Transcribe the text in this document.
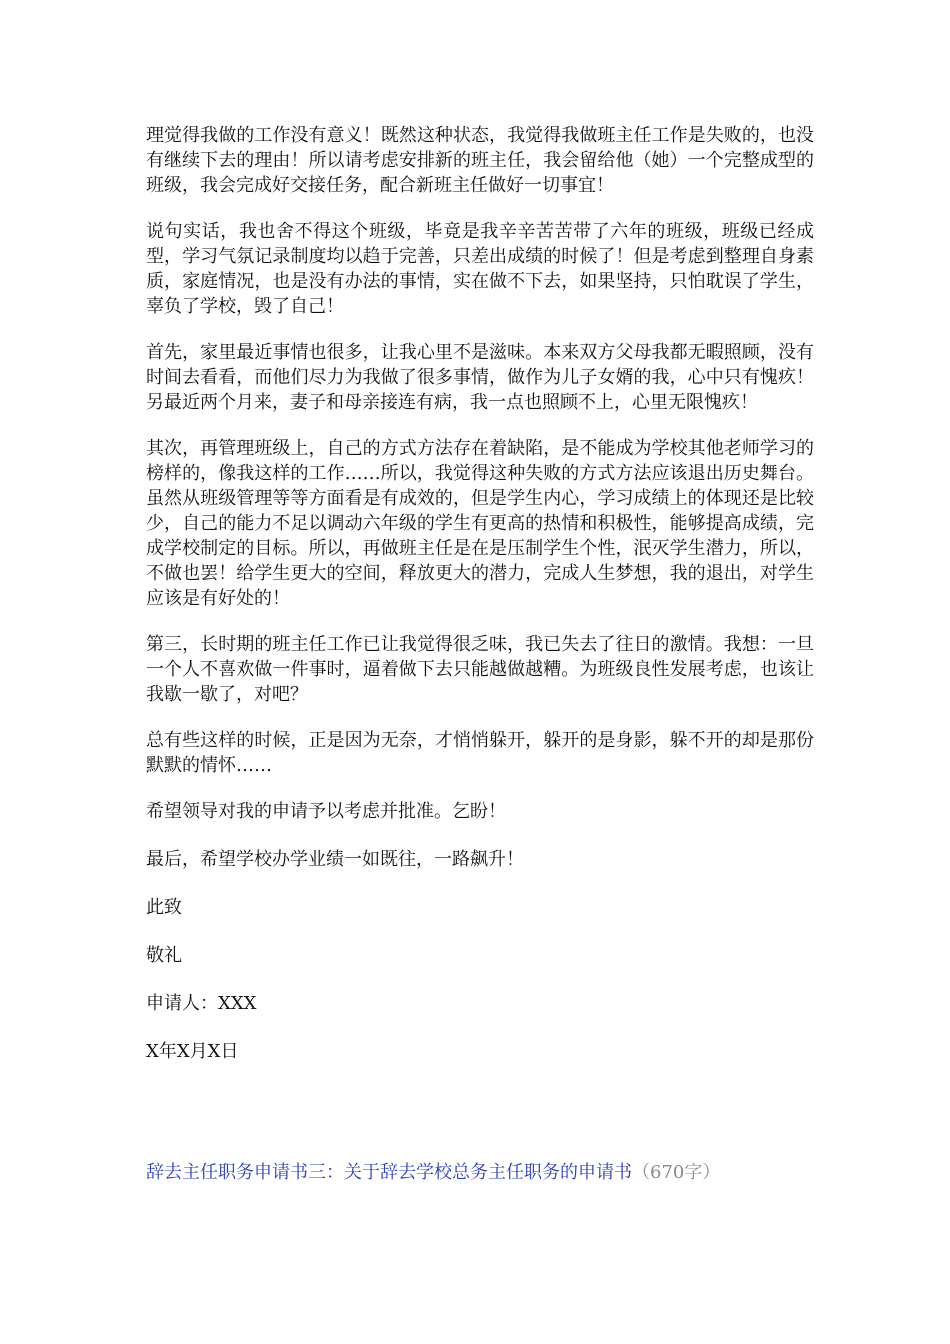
理觉得我做的工作没有意义！既然这种状态，我觉得我做班主任工作是失败的，也没有继续下去的理由！所以请考虑安排新的班主任，我会留给他（她）一个完整成型的班级，我会完成好交接任务，配合新班主任做好一切事宜！

说句实话，我也舍不得这个班级，毕竟是我辛辛苦苦带了六年的班级，班级已经成型，学习气氛记录制度均以趋于完善，只差出成绩的时候了！但是考虑到整理自身素质，家庭情况，也是没有办法的事情，实在做不下去，如果坚持，只怕耽误了学生，辜负了学校，毁了自己！

首先，家里最近事情也很多，让我心里不是滋味。本来双方父母我都无暇照顾，没有时间去看看，而他们尽力为我做了很多事情，做作为儿子女婿的我，心中只有愧疚！另最近两个月来，妻子和母亲接连有病，我一点也照顾不上，心里无限愧疚！

其次，再管理班级上，自己的方式方法存在着缺陷，是不能成为学校其他老师学习的榜样的，像我这样的工作……所以，我觉得这种失败的方式方法应该退出历史舞台。虽然从班级管理等等方面看是有成效的，但是学生内心，学习成绩上的体现还是比较少，自己的能力不足以调动六年级的学生有更高的热情和积极性，能够提高成绩，完成学校制定的目标。所以，再做班主任是在是压制学生个性，泯灭学生潜力，所以，不做也罢！给学生更大的空间，释放更大的潜力，完成人生梦想，我的退出，对学生应该是有好处的！

第三，长时期的班主任工作已让我觉得很乏味，我已失去了往日的激情。我想：一旦一个人不喜欢做一件事时，逼着做下去只能越做越糟。为班级良性发展考虑，也该让我歇一歇了，对吧？

总有些这样的时候，正是因为无奈，才悄悄躲开，躲开的是身影，躲不开的却是那份默默的情怀……

希望领导对我的申请予以考虑并批准。乞盼！

最后，希望学校办学业绩一如既往，一路飙升！

此致

敬礼

申请人：XXX

X年X月X日

辞去主任职务申请书三：关于辞去学校总务主任职务的申请书（670字）
